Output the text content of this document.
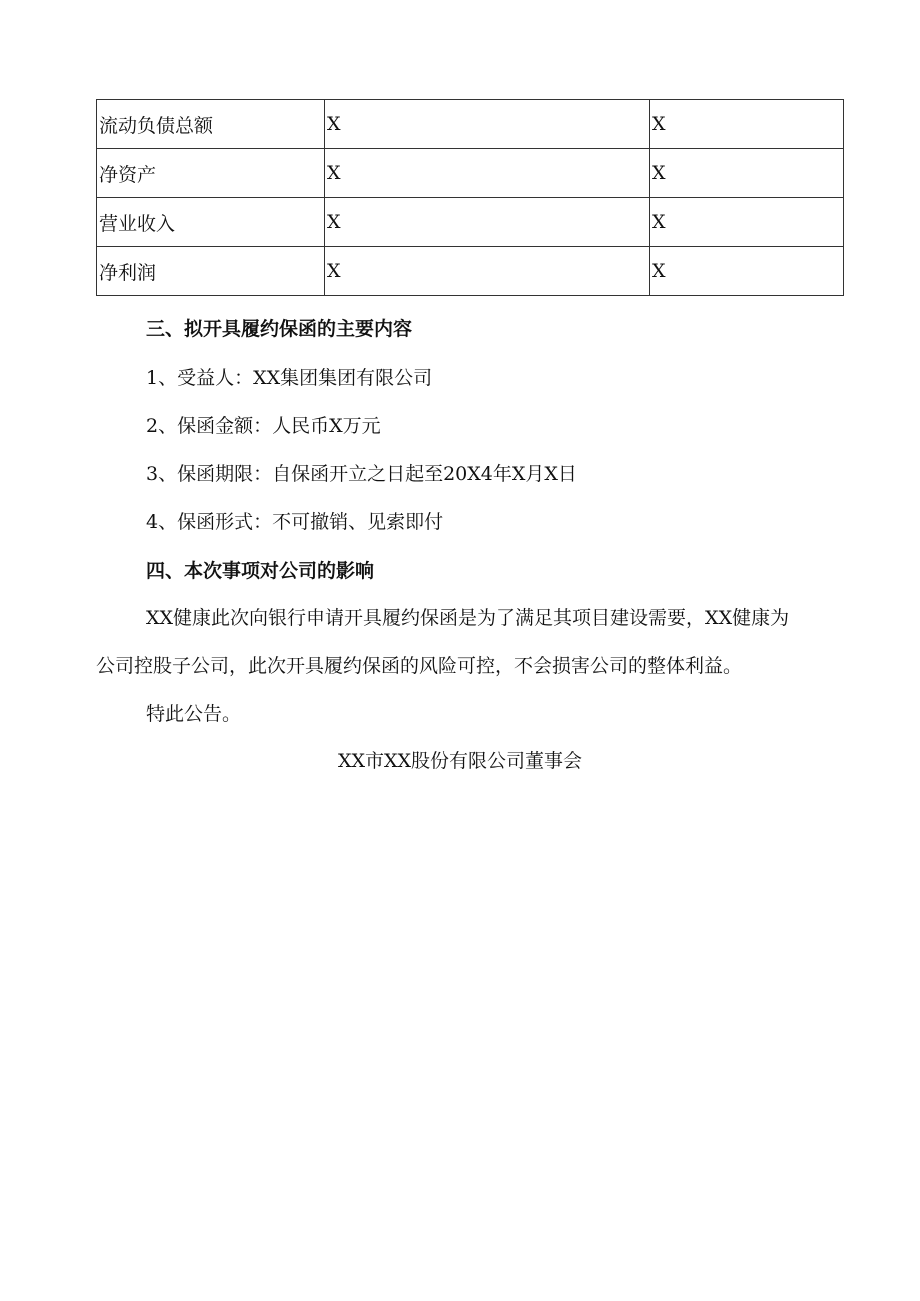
流动负债总额	X	X
净资产	X	X
营业收入	X	X
净利润	X	X
三、拟开具履约保函的主要内容
1、受益人：XX集团集团有限公司
2、保函金额：人民币X万元
3、保函期限：自保函开立之日起至20X4年X月X日
4、保函形式：不可撤销、见索即付
四、本次事项对公司的影响
XX健康此次向银行申请开具履约保函是为了满足其项目建设需要，XX健康为
公司控股子公司，此次开具履约保函的风险可控，不会损害公司的整体利益。
特此公告。
XX市XX股份有限公司董事会
